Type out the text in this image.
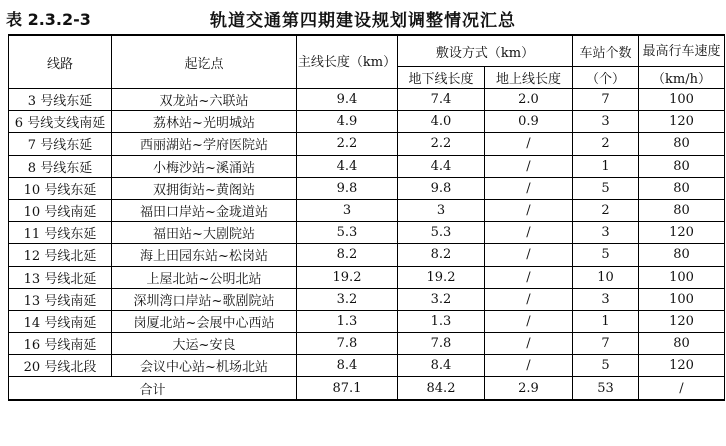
表 2.3.2-3	轨道交通第四期建设规划调整情况汇总
线路	起讫点	主线长度（km）	敷设方式（km）		车站个数	最高行车速度
			地下线长度	地上线长度	（个）	（km/h）
3 号线东延	双龙站~六联站	9.4	7.4	2.0	7	100
6 号线支线南延	荔林站~光明城站	4.9	4.0	0.9	3	120
7 号线东延	西丽湖站~学府医院站	2.2	2.2	/	2	80
8 号线东延	小梅沙站~溪涌站	4.4	4.4	/	1	80
10 号线东延	双拥街站~黄阁站	9.8	9.8	/	5	80
10 号线南延	福田口岸站~金珑道站	3	3	/	2	80
11 号线东延	福田站~大剧院站	5.3	5.3	/	3	120
12 号线北延	海上田园东站~松岗站	8.2	8.2	/	5	80
13 号线北延	上屋北站~公明北站	19.2	19.2	/	10	100
13 号线南延	深圳湾口岸站~歌剧院站	3.2	3.2	/	3	100
14 号线南延	岗厦北站~会展中心西站	1.3	1.3	/	1	120
16 号线南延	大运~安良	7.8	7.8	/	7	80
20 号线北段	会议中心站~机场北站	8.4	8.4	/	5	120
合计		87.1	84.2	2.9	53	/
